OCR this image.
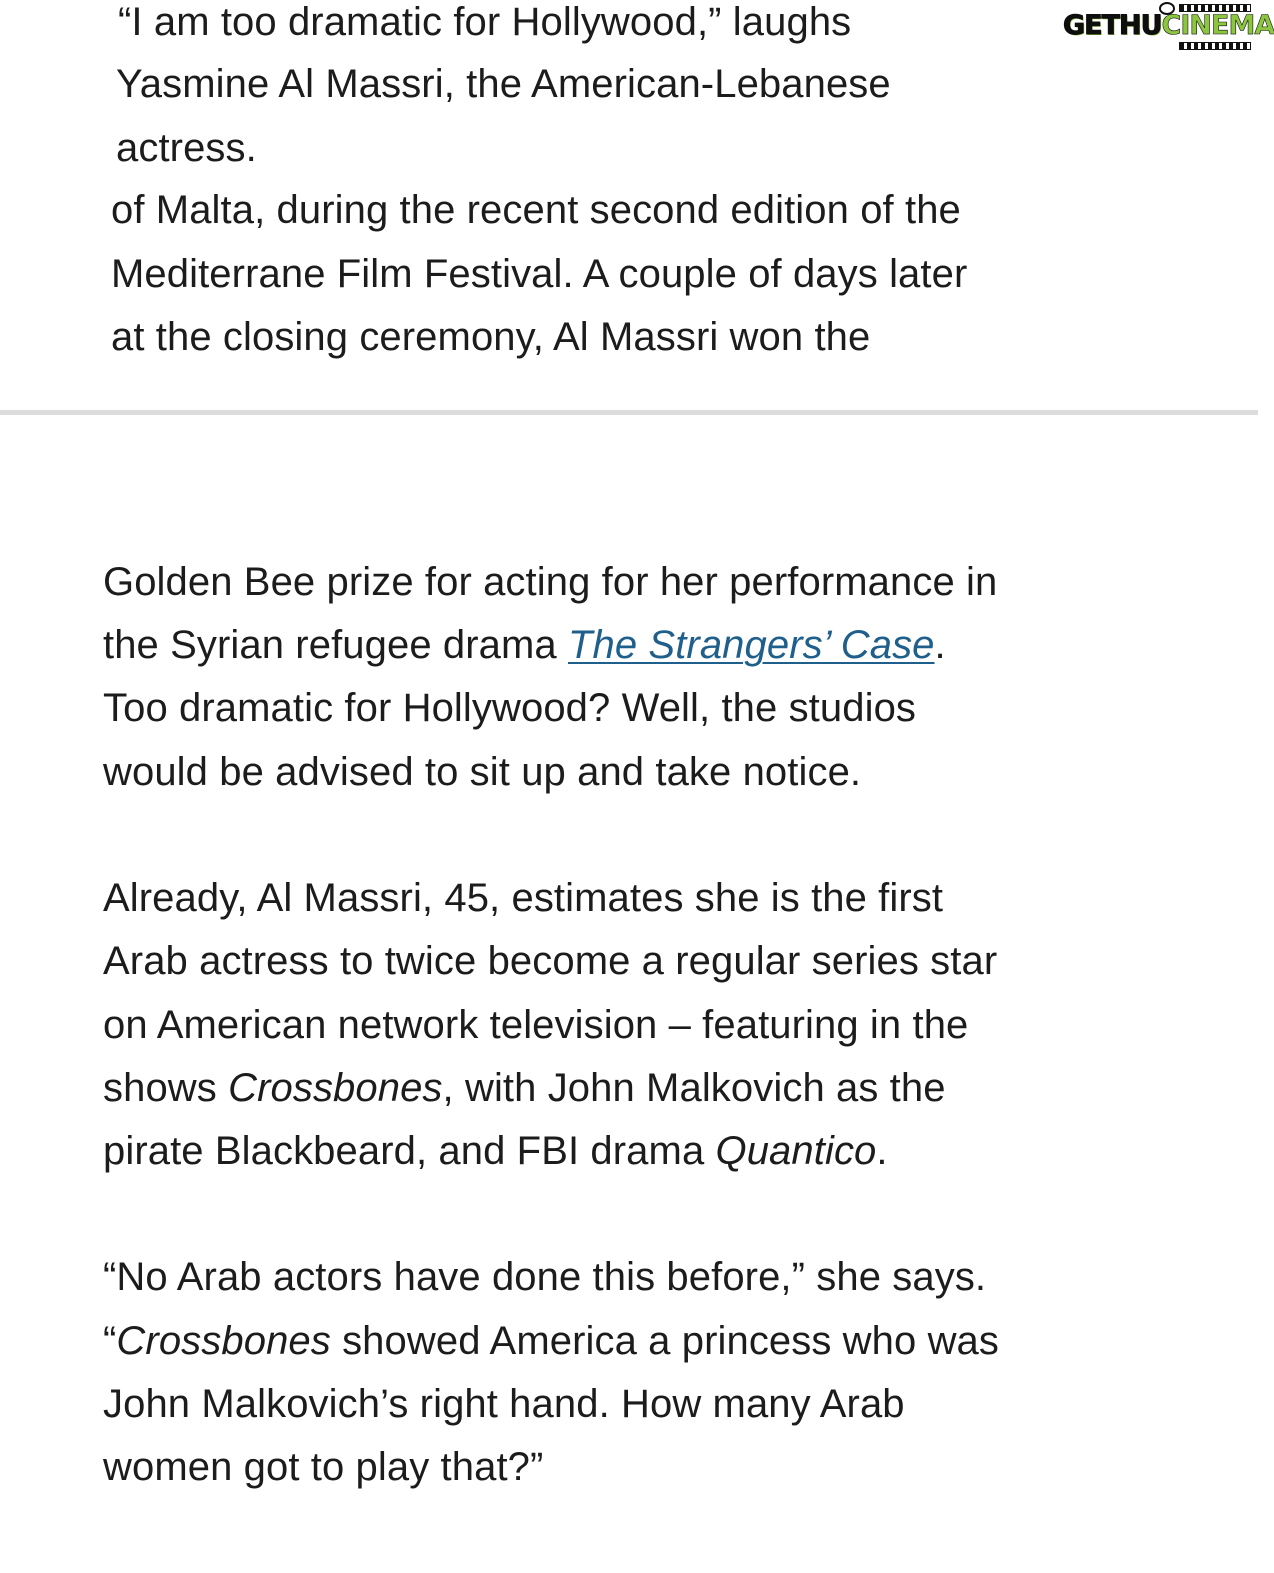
GETHUCINEMA
“I am too dramatic for Hollywood,” laughs
Yasmine Al Massri, the American-Lebanese
actress.
of Malta, during the recent second edition of the
Mediterrane Film Festival. A couple of days later
at the closing ceremony, Al Massri won the
Golden Bee prize for acting for her performance in
the Syrian refugee drama The Strangers’ Case.
Too dramatic for Hollywood? Well, the studios
would be advised to sit up and take notice.
Already, Al Massri, 45, estimates she is the first
Arab actress to twice become a regular series star
on American network television – featuring in the
shows Crossbones, with John Malkovich as the
pirate Blackbeard, and FBI drama Quantico.
“No Arab actors have done this before,” she says.
“Crossbones showed America a princess who was
John Malkovich’s right hand. How many Arab
women got to play that?”
